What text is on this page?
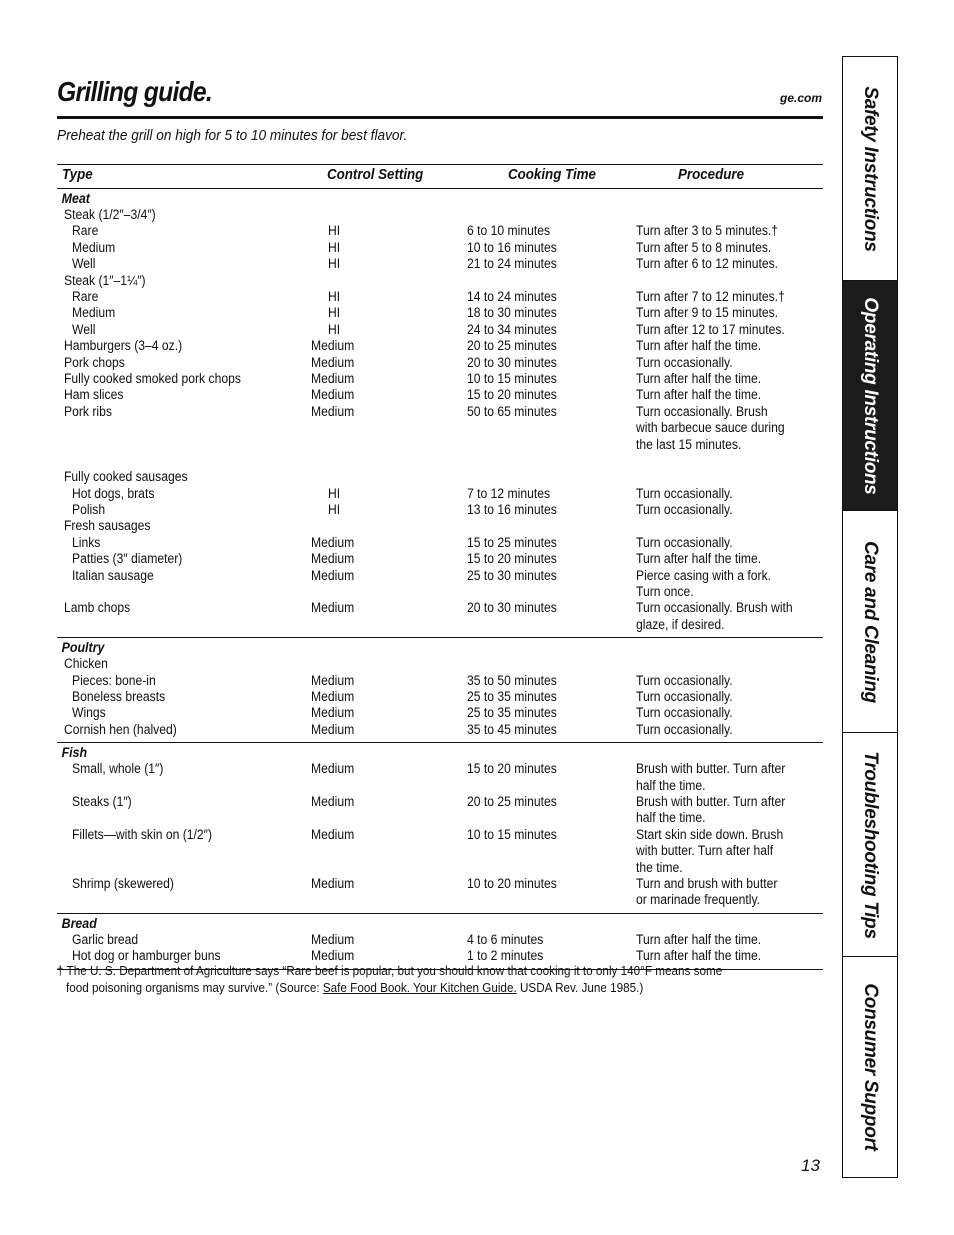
Grilling guide.	ge.com
Preheat the grill on high for 5 to 10 minutes for best flavor.
Type	Control Setting	Cooking Time	Procedure
Meat
Steak (1/2″–3/4″)
Rare	HI	6 to 10 minutes	Turn after 3 to 5 minutes.†
Medium	HI	10 to 16 minutes	Turn after 5 to 8 minutes.
Well	HI	21 to 24 minutes	Turn after 6 to 12 minutes.
Steak (1″–1¼″)
Rare	HI	14 to 24 minutes	Turn after 7 to 12 minutes.†
Medium	HI	18 to 30 minutes	Turn after 9 to 15 minutes.
Well	HI	24 to 34 minutes	Turn after 12 to 17 minutes.
Hamburgers (3–4 oz.)	Medium	20 to 25 minutes	Turn after half the time.
Pork chops	Medium	20 to 30 minutes	Turn occasionally.
Fully cooked smoked pork chops	Medium	10 to 15 minutes	Turn after half the time.
Ham slices	Medium	15 to 20 minutes	Turn after half the time.
Pork ribs	Medium	50 to 65 minutes	Turn occasionally. Brush
with barbecue sauce during
the last 15 minutes.
Fully cooked sausages
Hot dogs, brats	HI	7 to 12 minutes	Turn occasionally.
Polish	HI	13 to 16 minutes	Turn occasionally.
Fresh sausages
Links	Medium	15 to 25 minutes	Turn occasionally.
Patties (3″ diameter)	Medium	15 to 20 minutes	Turn after half the time.
Italian sausage	Medium	25 to 30 minutes	Pierce casing with a fork.
Turn once.
Lamb chops	Medium	20 to 30 minutes	Turn occasionally. Brush with
glaze, if desired.
Poultry
Chicken
Pieces: bone-in	Medium	35 to 50 minutes	Turn occasionally.
Boneless breasts	Medium	25 to 35 minutes	Turn occasionally.
Wings	Medium	25 to 35 minutes	Turn occasionally.
Cornish hen (halved)	Medium	35 to 45 minutes	Turn occasionally.
Fish
Small, whole (1″)	Medium	15 to 20 minutes	Brush with butter. Turn after
half the time.
Steaks (1″)	Medium	20 to 25 minutes	Brush with butter. Turn after
half the time.
Fillets—with skin on (1/2″)	Medium	10 to 15 minutes	Start skin side down. Brush
with butter. Turn after half
the time.
Shrimp (skewered)	Medium	10 to 20 minutes	Turn and brush with butter
or marinade frequently.
Bread
Garlic bread	Medium	4 to 6 minutes	Turn after half the time.
Hot dog or hamburger buns	Medium	1 to 2 minutes	Turn after half the time.
† The U. S. Department of Agriculture says “Rare beef is popular, but you should know that cooking it to only 140°F means some
food poisoning organisms may survive.” (Source: Safe Food Book. Your Kitchen Guide. USDA Rev. June 1985.)
13
Safety Instructions
Operating Instructions
Care and Cleaning
Troubleshooting Tips
Consumer Support
